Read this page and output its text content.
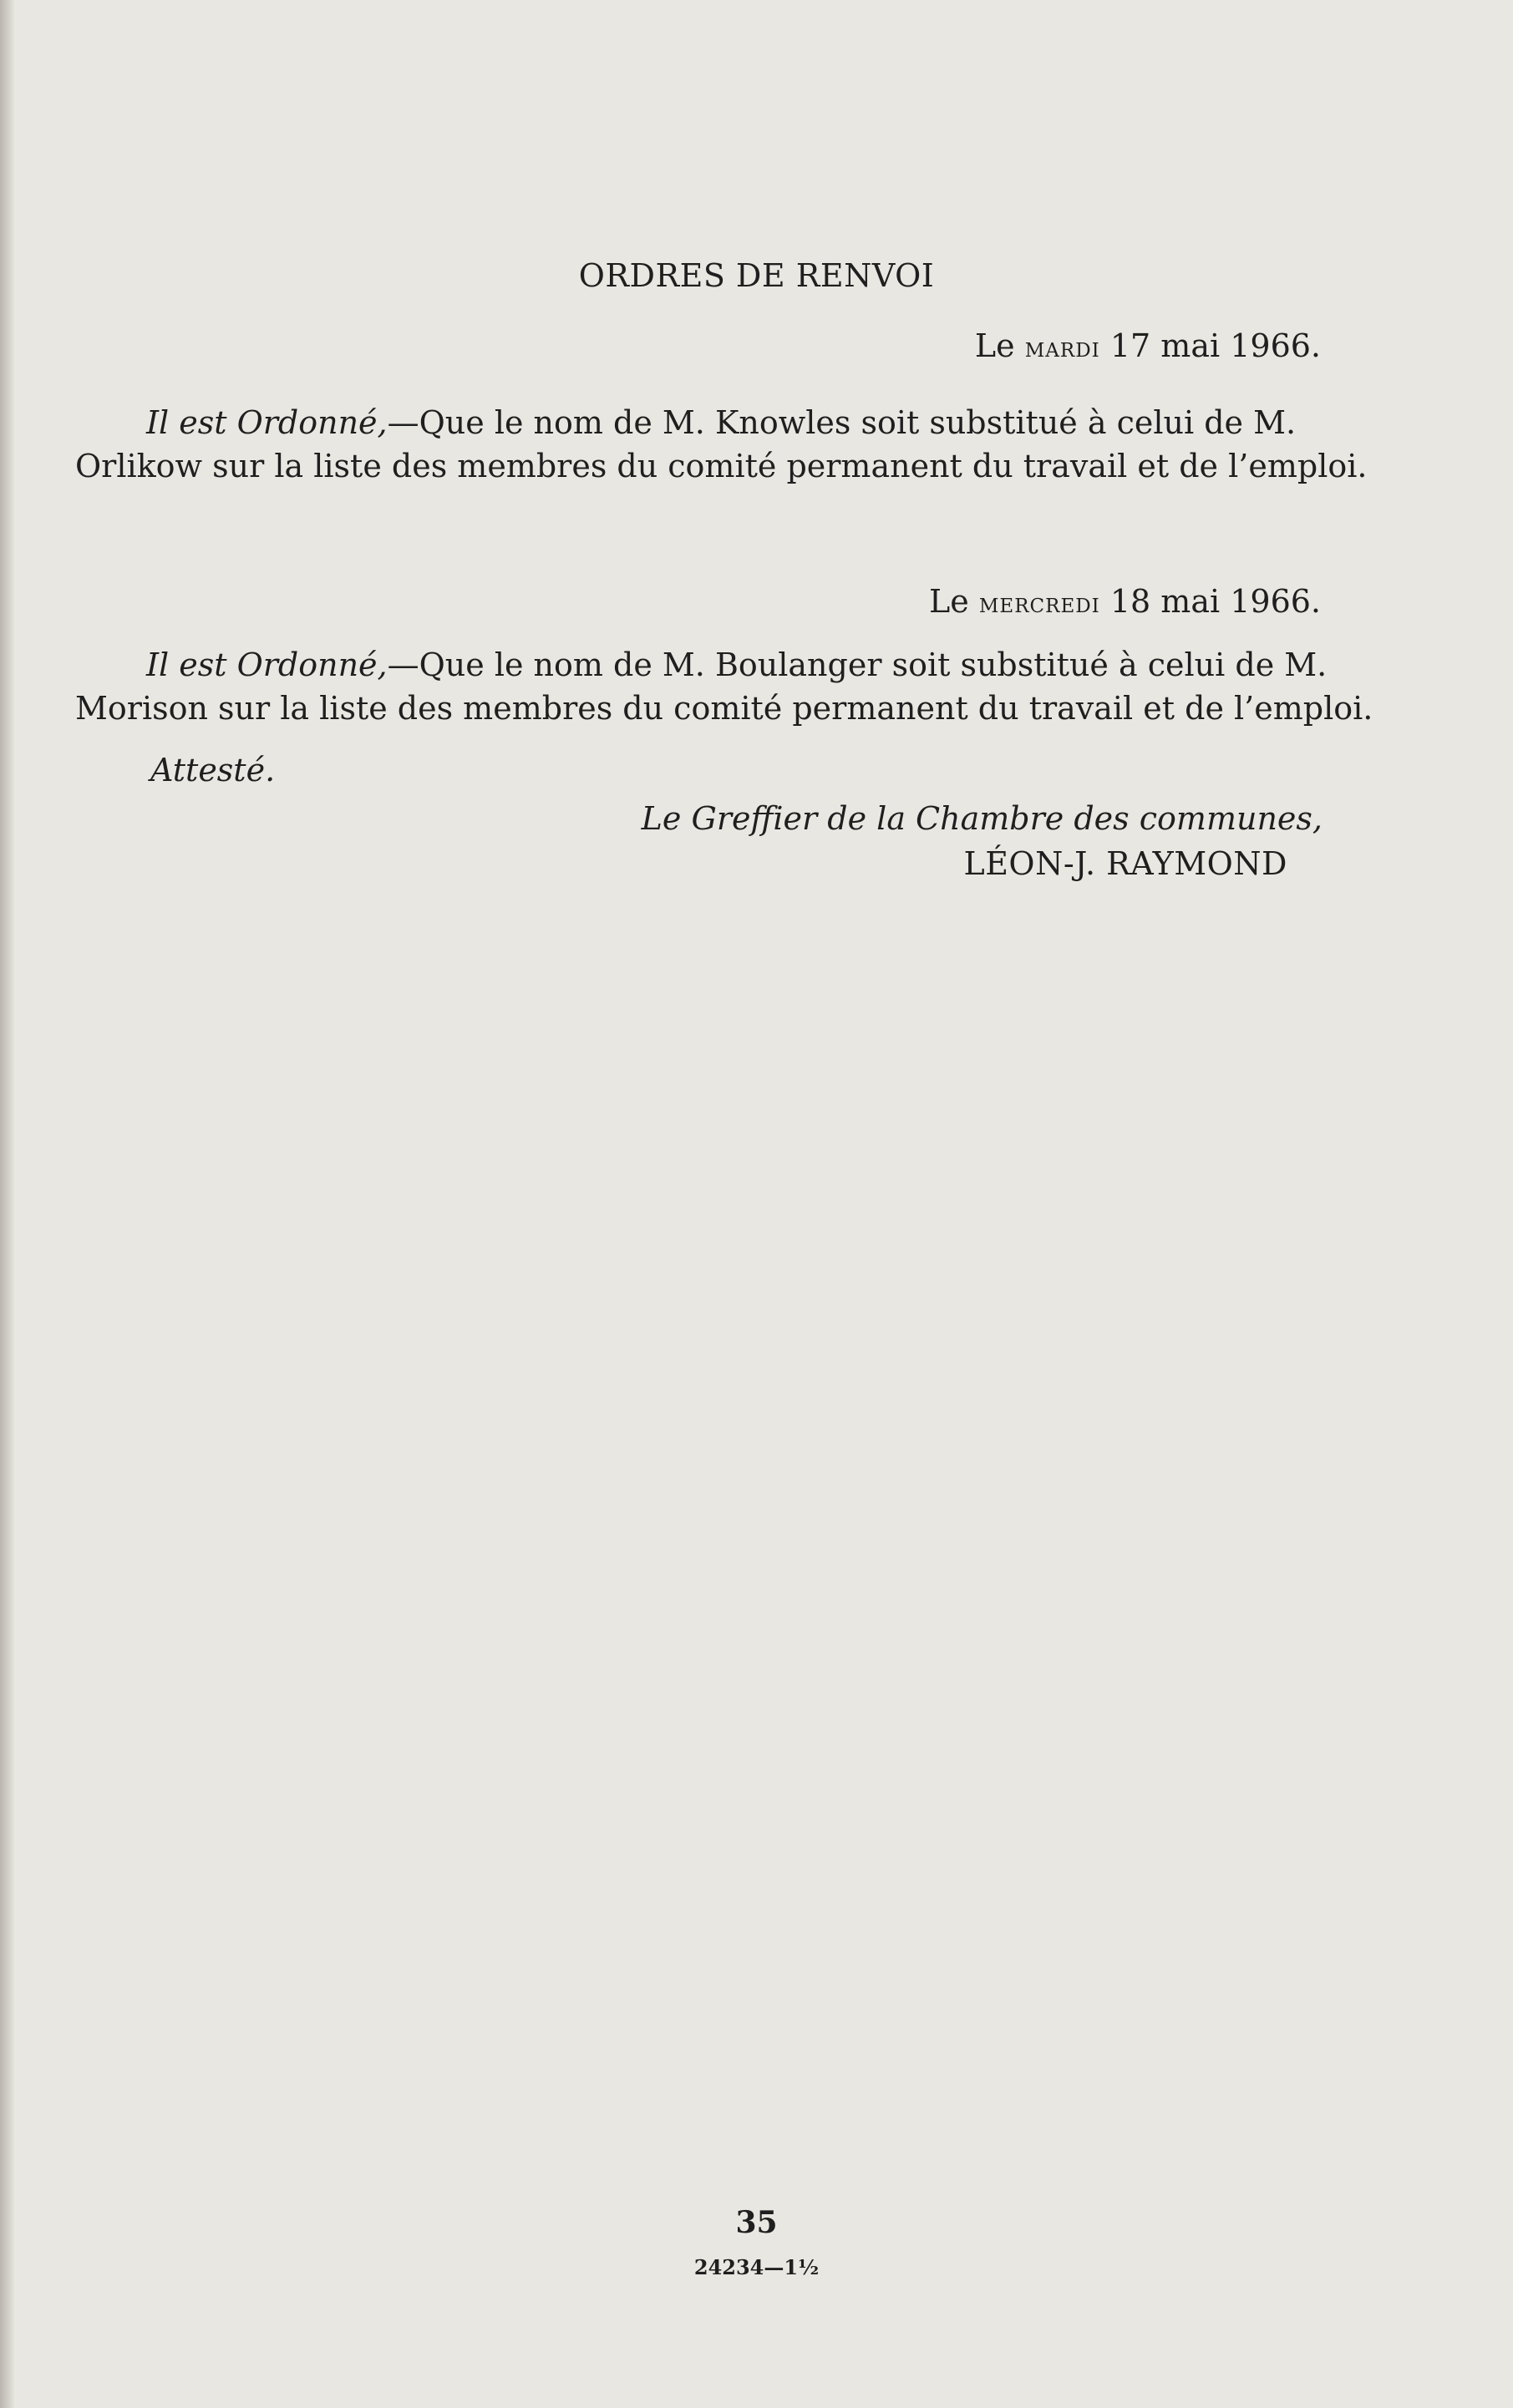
ORDRES DE RENVOI
Le mardi 17 mai 1966.
Il est Ordonné,—Que le nom de M. Knowles soit substitué à celui de M.
Orlikow sur la liste des membres du comité permanent du travail et de l’emploi.
Le mercredi 18 mai 1966.
Il est Ordonné,—Que le nom de M. Boulanger soit substitué à celui de M.
Morison sur la liste des membres du comité permanent du travail et de l’emploi.
Attesté.
Le Greffier de la Chambre des communes,
LÉON-J. RAYMOND
35
24234—1½
